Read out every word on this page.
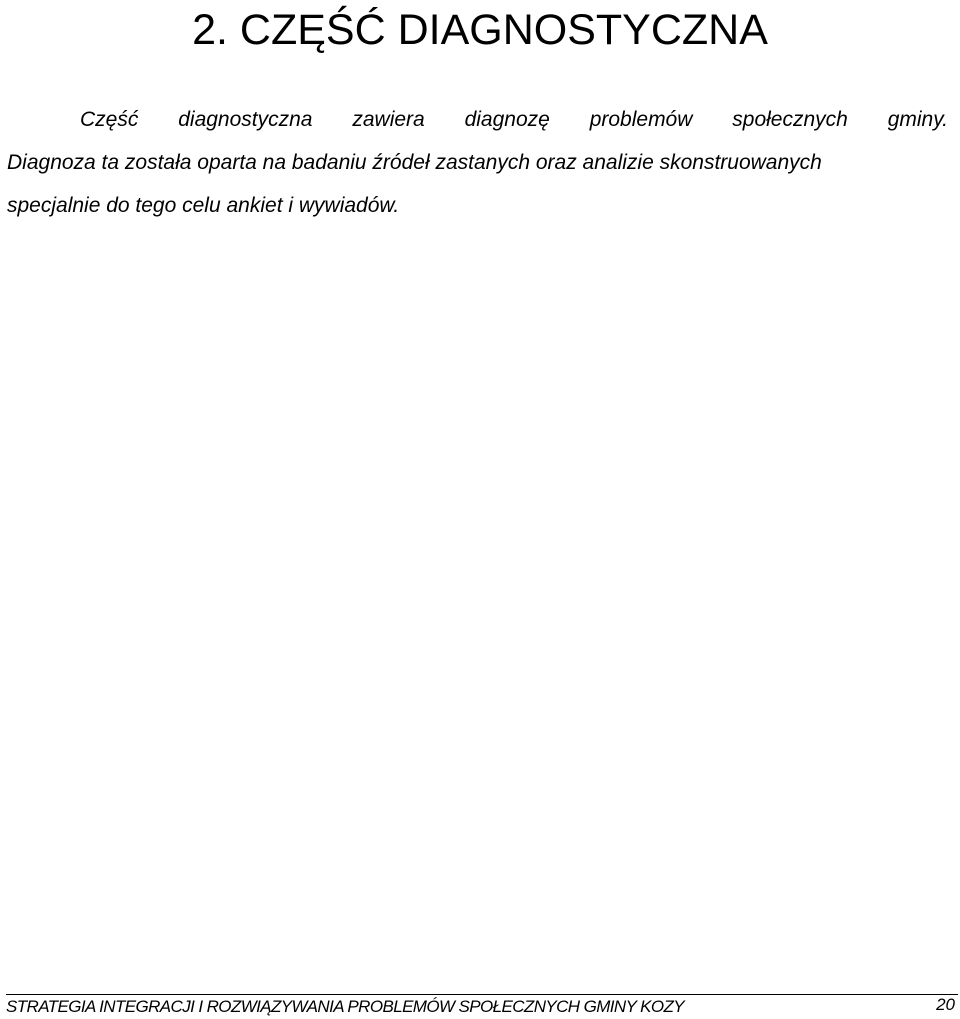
2. CZĘŚĆ DIAGNOSTYCZNA
Część diagnostyczna zawiera diagnozę problemów społecznych gminy.
Diagnoza ta została oparta na badaniu źródeł zastanych oraz analizie skonstruowanych
specjalnie do tego celu ankiet i wywiadów.
STRATEGIA INTEGRACJI I ROZWIĄZYWANIA PROBLEMÓW SPOŁECZNYCH GMINY KOZY	20
